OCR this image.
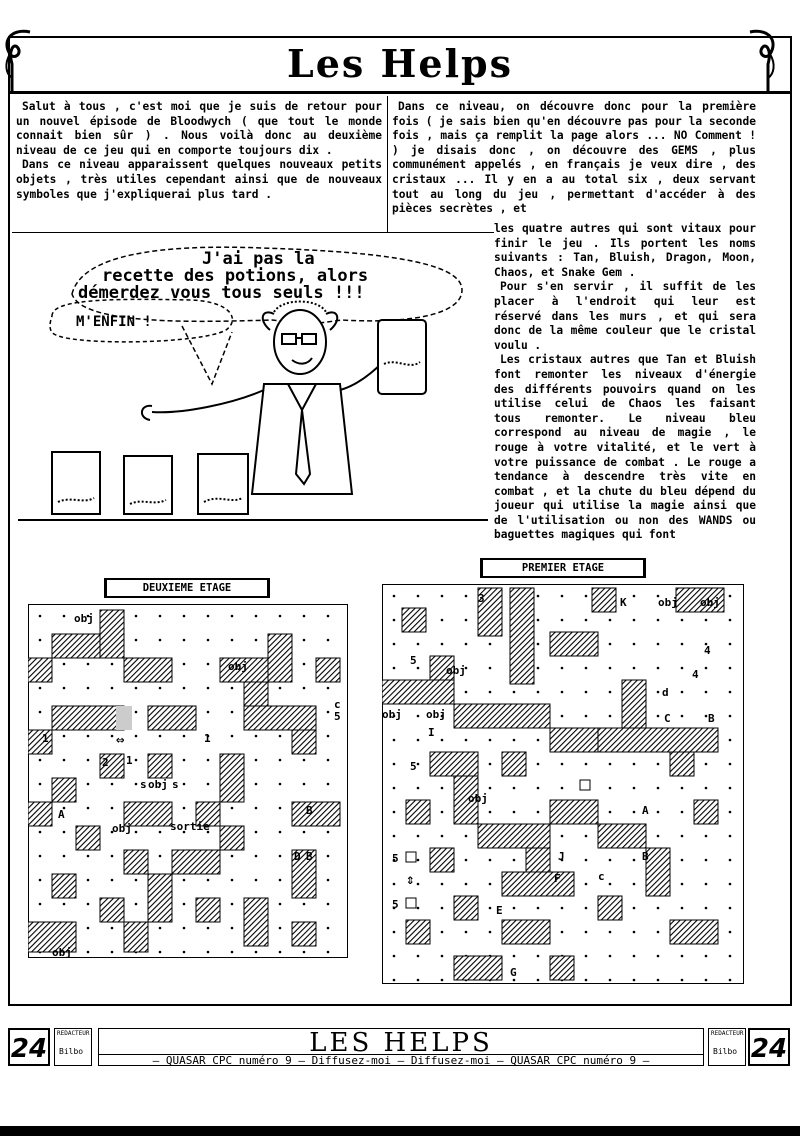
Les Helps

Salut à tous , c'est moi que je suis de retour pour un nouvel épisode de Bloodwych ( que tout le monde connait bien sûr ) . Nous voilà donc au deuxième niveau de ce jeu qui en comporte toujours dix .

Dans ce niveau apparaissent quelques nouveaux petits objets , très utiles cependant ainsi que de nouveaux symboles que j'expliquerai plus tard .

Dans ce niveau, on découvre donc pour la première fois ( je sais bien qu'en découvre pas pour la seconde fois , mais ça remplit la page alors ... NO Comment ! ) je disais donc , on découvre des GEMS , plus communément appelés , en français je veux dire , des cristaux ... Il y en a au total six , deux servant tout au long du jeu , permettant d'accéder à des pièces secrètes , et

les quatre autres qui sont vitaux pour finir le jeu . Ils portent les noms suivants : Tan, Bluish, Dragon, Moon, Chaos, et Snake Gem .

Pour s'en servir , il suffit de les placer à l'endroit qui leur est réservé dans les murs , et qui sera donc de la même couleur que le cristal voulu .

Les cristaux autres que Tan et Bluish font remonter les niveaux d'énergie des différents pouvoirs quand on les utilise celui de Chaos les faisant tous remonter. Le niveau bleu correspond au niveau de magie , le rouge à votre vitalité, et le vert à votre puissance de combat . Le rouge a tendance à descendre très vite en combat , et la chute du bleu dépend du joueur qui utilise la magie ainsi que de l'utilisation ou non des WANDS ou baguettes magiques qui font

J'ai pas la
recette des potions, alors
démerdez vous tous seuls !!!
M'ENFIN !
DEUXIEME ETAGE
PREMIER ETAGE
obj
obj
obj
obj
obj
s s
sortie
c
5
1	1
2 1
B
B
A
D
⇔
3	K	obj obj
4
4
5
obj
obj obj
I
5
d
C	B
obj
A
B
5
5
J
F	c
E
G
⇕
24
REDACTEUR
Bilbo	LES HELPS
— QUASAR CPC numéro 9 — Diffusez-moi — Diffusez-moi — QUASAR CPC numéro 9 —
REDACTEUR
Bilbo 24
